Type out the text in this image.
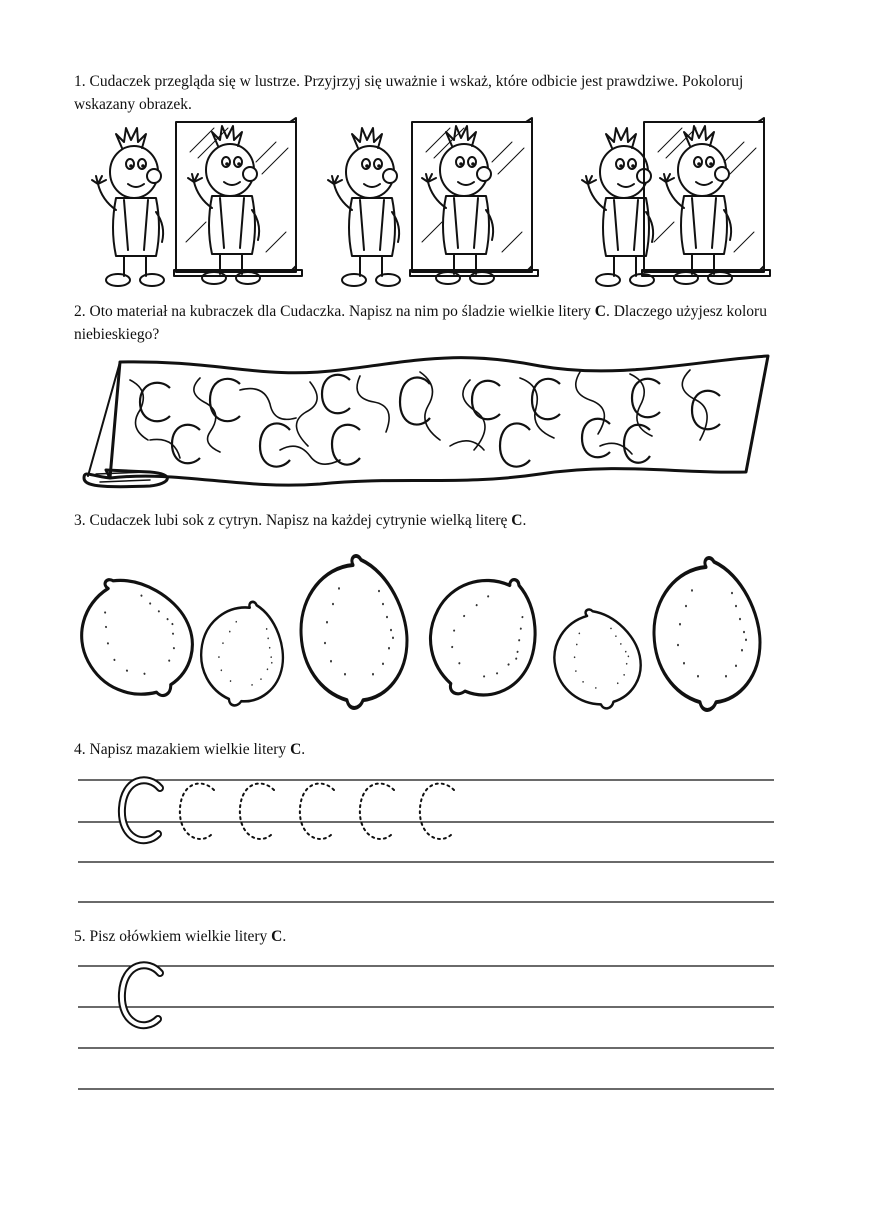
1. Cudaczek przegląda się w lustrze. Przyjrzyj się uważnie i wskaż, które odbicie jest prawdziwe. Pokoloruj wskazany obrazek.
2. Oto materiał na kubraczek dla Cudaczka. Napisz na nim po śladzie wielkie litery C. Dlaczego użyjesz koloru niebieskiego?
3. Cudaczek lubi sok z cytryn. Napisz na każdej cytrynie wielką literę C.
4. Napisz mazakiem wielkie litery C.
5. Pisz ołówkiem wielkie litery C.
